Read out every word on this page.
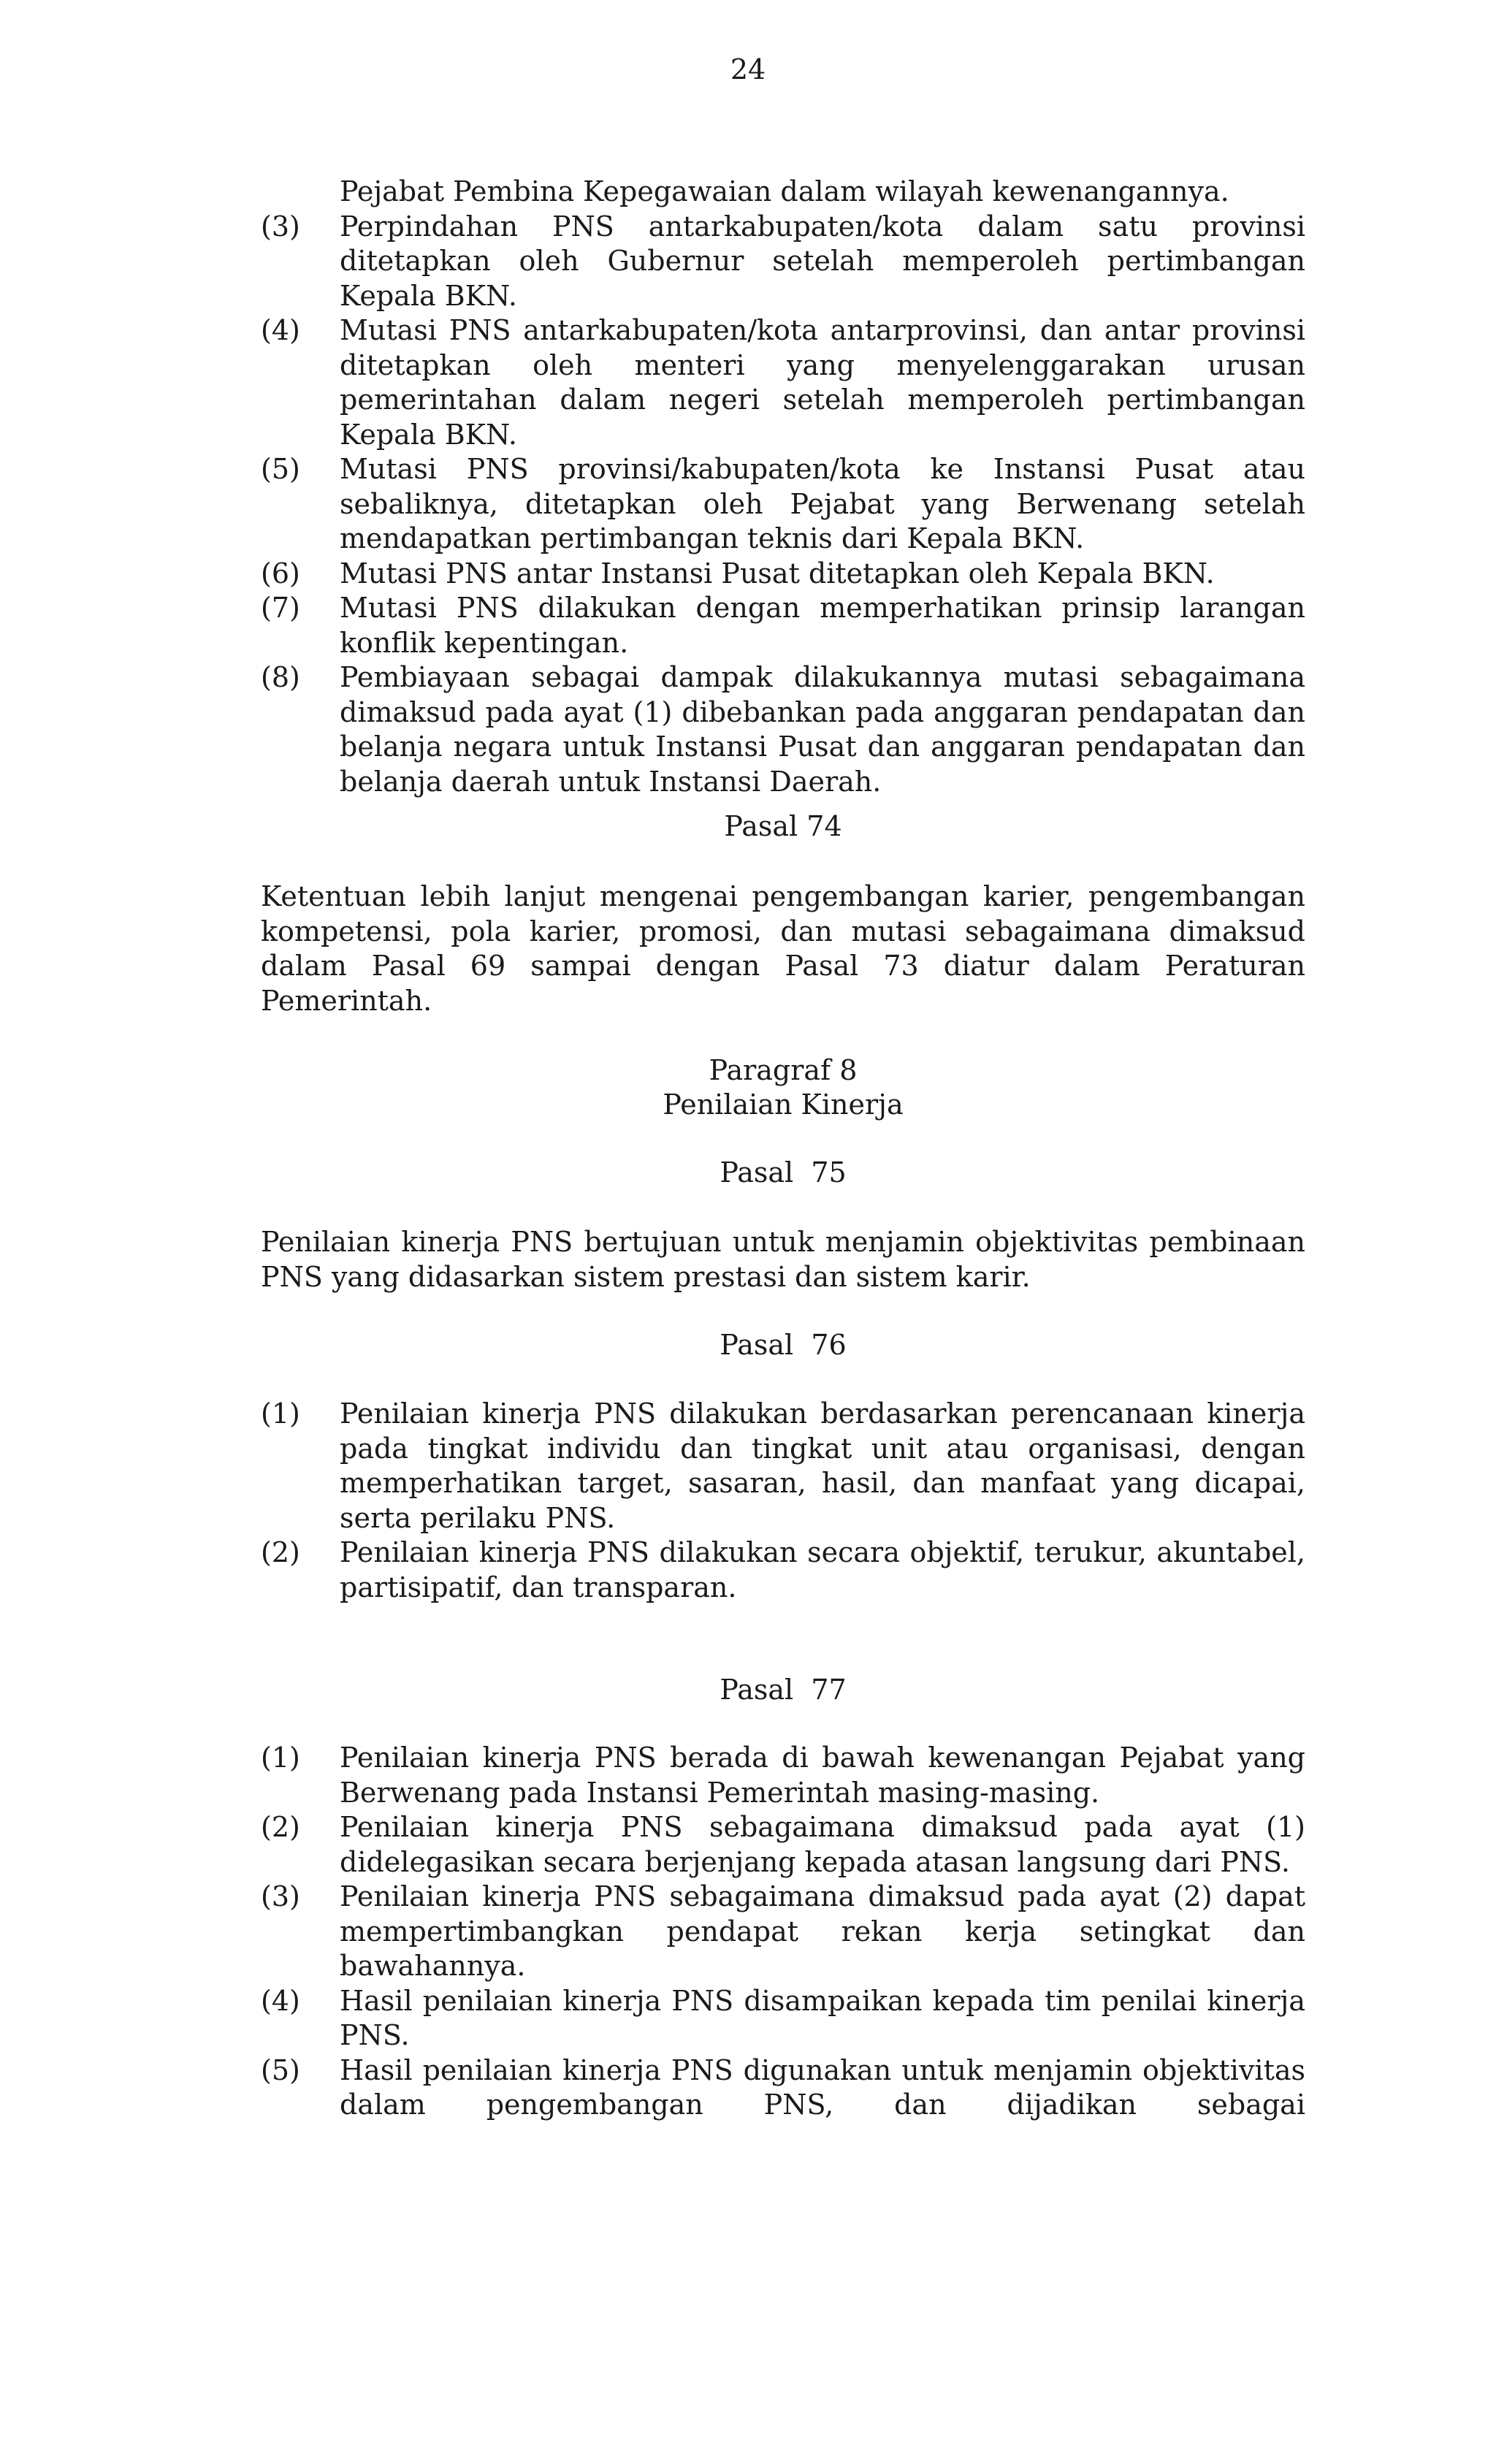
24
Pejabat Pembina Kepegawaian dalam wilayah kewenangannya.
(3) Perpindahan PNS antarkabupaten/kota dalam satu provinsi ditetapkan oleh Gubernur setelah memperoleh pertimbangan Kepala BKN.
(4) Mutasi PNS antarkabupaten/kota antarprovinsi, dan antar provinsi ditetapkan oleh menteri yang menyelenggarakan urusan pemerintahan dalam negeri setelah memperoleh pertimbangan Kepala BKN.
(5) Mutasi PNS provinsi/kabupaten/kota ke Instansi Pusat atau sebaliknya, ditetapkan oleh Pejabat yang Berwenang setelah mendapatkan pertimbangan teknis dari Kepala BKN.
(6) Mutasi PNS antar Instansi Pusat ditetapkan oleh Kepala BKN.
(7) Mutasi PNS dilakukan dengan memperhatikan prinsip larangan konflik kepentingan.
(8) Pembiayaan sebagai dampak dilakukannya mutasi sebagaimana dimaksud pada ayat (1) dibebankan pada anggaran pendapatan dan belanja negara untuk Instansi Pusat dan anggaran pendapatan dan belanja daerah untuk Instansi Daerah.
Pasal 74
Ketentuan lebih lanjut mengenai pengembangan karier, pengembangan kompetensi, pola karier, promosi, dan mutasi sebagaimana dimaksud dalam Pasal 69 sampai dengan Pasal 73 diatur dalam Peraturan Pemerintah.
Paragraf 8
Penilaian Kinerja
Pasal  75
Penilaian kinerja PNS bertujuan untuk menjamin objektivitas pembinaan PNS yang didasarkan sistem prestasi dan sistem karir.
Pasal  76
(1) Penilaian kinerja PNS dilakukan berdasarkan perencanaan kinerja pada tingkat individu dan tingkat unit atau organisasi, dengan memperhatikan target, sasaran, hasil, dan manfaat yang dicapai, serta perilaku PNS.
(2) Penilaian kinerja PNS dilakukan secara objektif, terukur, akuntabel, partisipatif, dan transparan.
Pasal  77
(1) Penilaian kinerja PNS berada di bawah kewenangan Pejabat yang Berwenang pada Instansi Pemerintah masing-masing.
(2) Penilaian kinerja PNS sebagaimana dimaksud pada ayat (1) didelegasikan secara berjenjang kepada atasan langsung dari PNS.
(3) Penilaian kinerja PNS sebagaimana dimaksud pada ayat (2) dapat mempertimbangkan pendapat rekan kerja setingkat dan bawahannya.
(4) Hasil penilaian kinerja PNS disampaikan kepada tim penilai kinerja PNS.
(5) Hasil penilaian kinerja PNS digunakan untuk menjamin objektivitas dalam pengembangan PNS, dan dijadikan sebagai
